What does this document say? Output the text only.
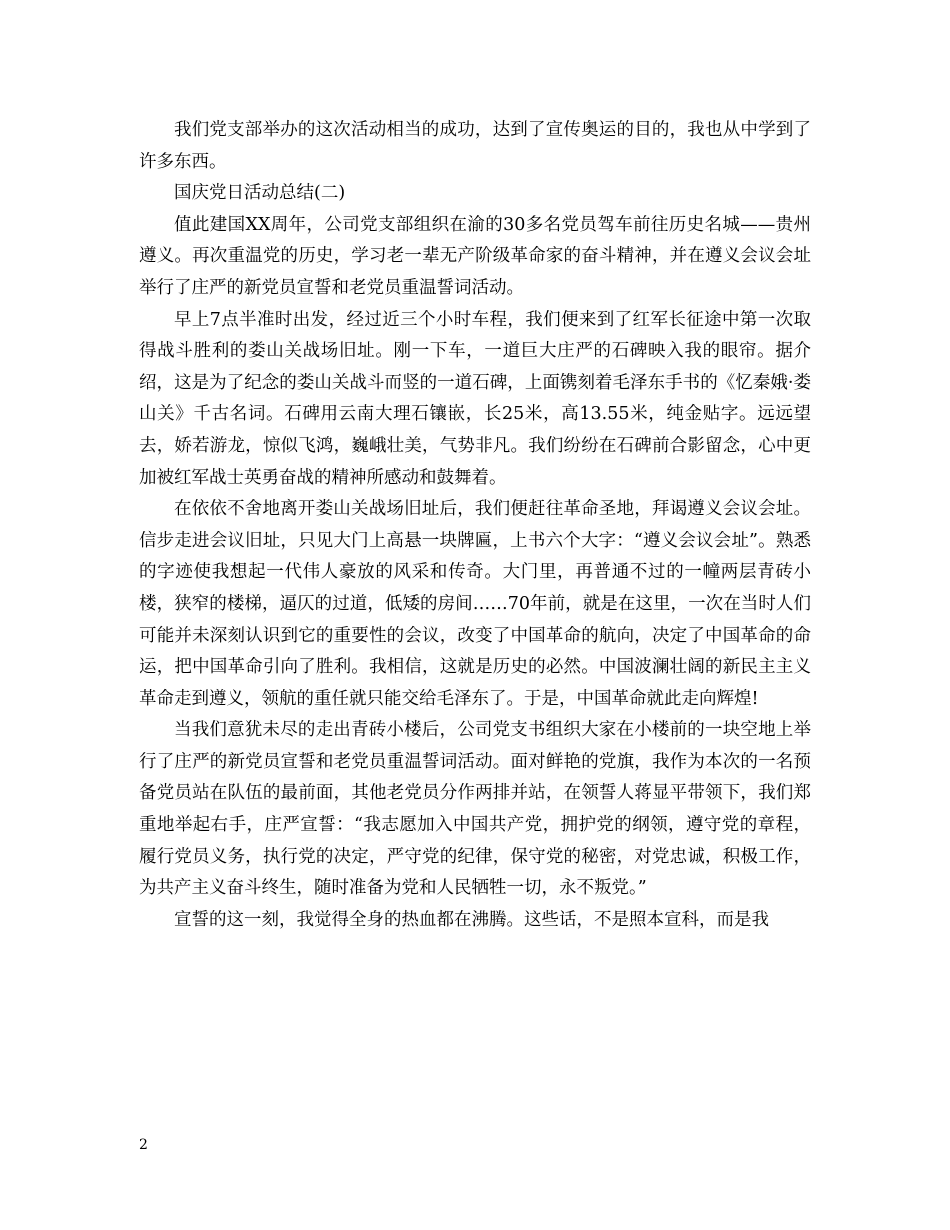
我们党支部举办的这次活动相当的成功，达到了宣传奥运的目的，我也从中学到了许多东西。

国庆党日活动总结(二)

值此建国XX周年，公司党支部组织在渝的30多名党员驾车前往历史名城——贵州遵义。再次重温党的历史，学习老一辈无产阶级革命家的奋斗精神，并在遵义会议会址举行了庄严的新党员宣誓和老党员重温誓词活动。

早上7点半准时出发，经过近三个小时车程，我们便来到了红军长征途中第一次取得战斗胜利的娄山关战场旧址。刚一下车，一道巨大庄严的石碑映入我的眼帘。据介绍，这是为了纪念的娄山关战斗而竖的一道石碑，上面镌刻着毛泽东手书的《忆秦娥·娄山关》千古名词。石碑用云南大理石镶嵌，长25米，高13.55米，纯金贴字。远远望去，娇若游龙，惊似飞鸿，巍峨壮美，气势非凡。我们纷纷在石碑前合影留念，心中更加被红军战士英勇奋战的精神所感动和鼓舞着。

在依依不舍地离开娄山关战场旧址后，我们便赶往革命圣地，拜谒遵义会议会址。信步走进会议旧址，只见大门上高悬一块牌匾，上书六个大字：“遵义会议会址”。熟悉的字迹使我想起一代伟人豪放的风采和传奇。大门里，再普通不过的一幢两层青砖小楼，狭窄的楼梯，逼仄的过道，低矮的房间……70年前，就是在这里，一次在当时人们可能并未深刻认识到它的重要性的会议，改变了中国革命的航向，决定了中国革命的命运，把中国革命引向了胜利。我相信，这就是历史的必然。中国波澜壮阔的新民主主义革命走到遵义，领航的重任就只能交给毛泽东了。于是，中国革命就此走向辉煌!

当我们意犹未尽的走出青砖小楼后，公司党支书组织大家在小楼前的一块空地上举行了庄严的新党员宣誓和老党员重温誓词活动。面对鲜艳的党旗，我作为本次的一名预备党员站在队伍的最前面，其他老党员分作两排并站，在领誓人蒋显平带领下，我们郑重地举起右手，庄严宣誓：“我志愿加入中国共产党，拥护党的纲领，遵守党的章程，履行党员义务，执行党的决定，严守党的纪律，保守党的秘密，对党忠诚，积极工作，为共产主义奋斗终生，随时准备为党和人民牺牲一切，永不叛党。”

宣誓的这一刻，我觉得全身的热血都在沸腾。这些话，不是照本宣科，而是我

2
